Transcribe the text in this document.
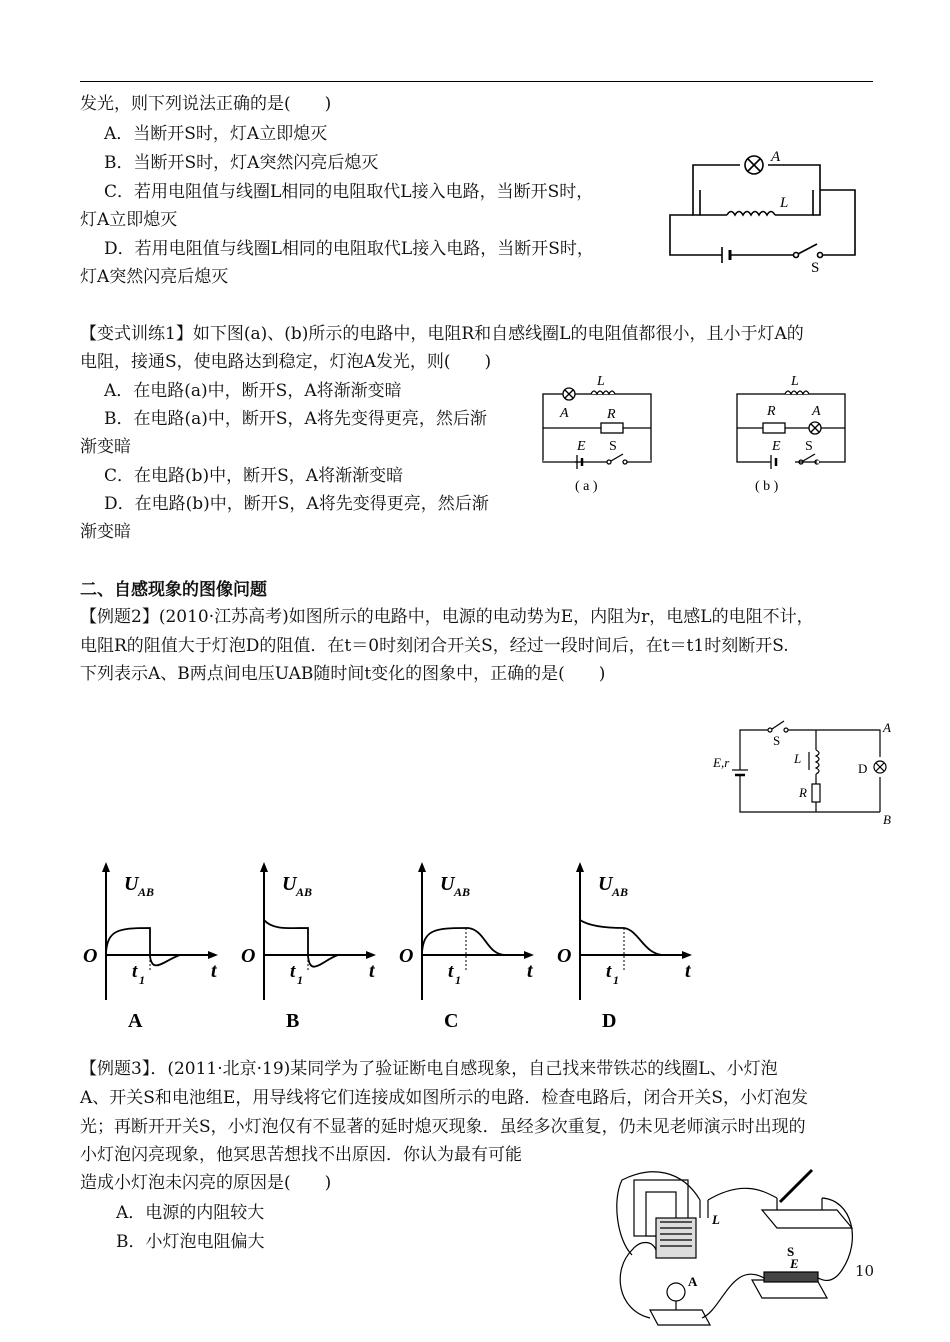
发光，则下列说法正确的是(　　)
A．当断开S时，灯A立即熄灭
B．当断开S时，灯A突然闪亮后熄灭
C．若用电阻值与线圈L相同的电阻取代L接入电路，当断开S时，
灯A立即熄灭
D．若用电阻值与线圈L相同的电阻取代L接入电路，当断开S时，
灯A突然闪亮后熄灭
A
L
S
【变式训练1】如下图(a)、(b)所示的电路中，电阻R和自感线圈L的电阻值都很小，且小于灯A的
电阻，接通S，使电路达到稳定，灯泡A发光，则(　　)
A．在电路(a)中，断开S，A将渐渐变暗
B．在电路(a)中，断开S，A将先变得更亮，然后渐
渐变暗
C．在电路(b)中，断开S，A将渐渐变暗
D．在电路(b)中，断开S，A将先变得更亮，然后渐
渐变暗
L
A	R
E S
( a )
L
R	A
E S
( b )
二、自感现象的图像问题
【例题2】(2010·江苏高考)如图所示的电路中，电源的电动势为E，内阻为r，电感L的电阻不计，
电阻R的阻值大于灯泡D的阻值．在t＝0时刻闭合开关S，经过一段时间后，在t＝t1时刻断开S.
下列表示A、B两点间电压UAB随时间t变化的图象中，正确的是(　　)
S
E,r	L
R
D
A
B
U AB
O
t
t 1
A
U AB
O
t
t 1
B
U AB
O
t
t 1
C
U AB
O
t
t 1
D
【例题3】．(2011·北京·19)某同学为了验证断电自感现象，自己找来带铁芯的线圈L、小灯泡
A、开关S和电池组E，用导线将它们连接成如图所示的电路．检查电路后，闭合开关S，小灯泡发
光；再断开开关S，小灯泡仅有不显著的延时熄灭现象．虽经多次重复，仍未见老师演示时出现的
小灯泡闪亮现象，他冥思苦想找不出原因．你认为最有可能
造成小灯泡未闪亮的原因是(　　)
A．电源的内阻较大
B．小灯泡电阻偏大
L
S
E
A
10
